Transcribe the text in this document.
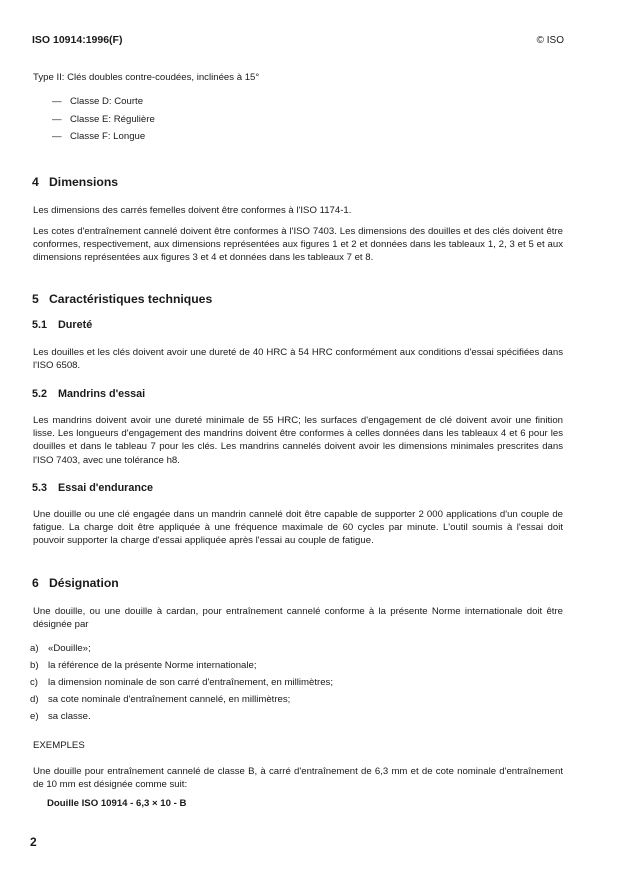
ISO 10914:1996(F)	© ISO
Type II: Clés doubles contre-coudées, inclinées à 15°
— Classe D: Courte
— Classe E: Régulière
— Classe F: Longue
4 Dimensions
Les dimensions des carrés femelles doivent être conformes à l'ISO 1174-1.
Les cotes d'entraînement cannelé doivent être conformes à l'ISO 7403. Les dimensions des douilles et des clés doivent être conformes, respectivement, aux dimensions représentées aux figures 1 et 2 et données dans les tableaux 1, 2, 3 et 5 et aux dimensions représentées aux figures 3 et 4 et données dans les tableaux 7 et 8.
5 Caractéristiques techniques
5.1 Dureté
Les douilles et les clés doivent avoir une dureté de 40 HRC à 54 HRC conformément aux conditions d'essai spécifiées dans l'ISO 6508.
5.2 Mandrins d'essai
Les mandrins doivent avoir une dureté minimale de 55 HRC; les surfaces d'engagement de clé doivent avoir une finition lisse. Les longueurs d'engagement des mandrins doivent être conformes à celles données dans les tableaux 4 et 6 pour les douilles et dans le tableau 7 pour les clés. Les mandrins cannelés doivent avoir les dimensions minimales prescrites dans l'ISO 7403, avec une tolérance h8.
5.3 Essai d'endurance
Une douille ou une clé engagée dans un mandrin cannelé doit être capable de supporter 2 000 applications d'un couple de fatigue. La charge doit être appliquée à une fréquence maximale de 60 cycles par minute. L'outil soumis à l'essai doit pouvoir supporter la charge d'essai appliquée après l'essai au couple de fatigue.
6 Désignation
Une douille, ou une douille à cardan, pour entraînement cannelé conforme à la présente Norme internationale doit être désignée par
a) «Douille»;
b) la référence de la présente Norme internationale;
c) la dimension nominale de son carré d'entraînement, en millimètres;
d) sa cote nominale d'entraînement cannelé, en millimètres;
e) sa classe.
EXEMPLES
Une douille pour entraînement cannelé de classe B, à carré d'entraînement de 6,3 mm et de cote nominale d'entraînement de 10 mm est désignée comme suit:
Douille ISO 10914 - 6,3 × 10 - B
2
